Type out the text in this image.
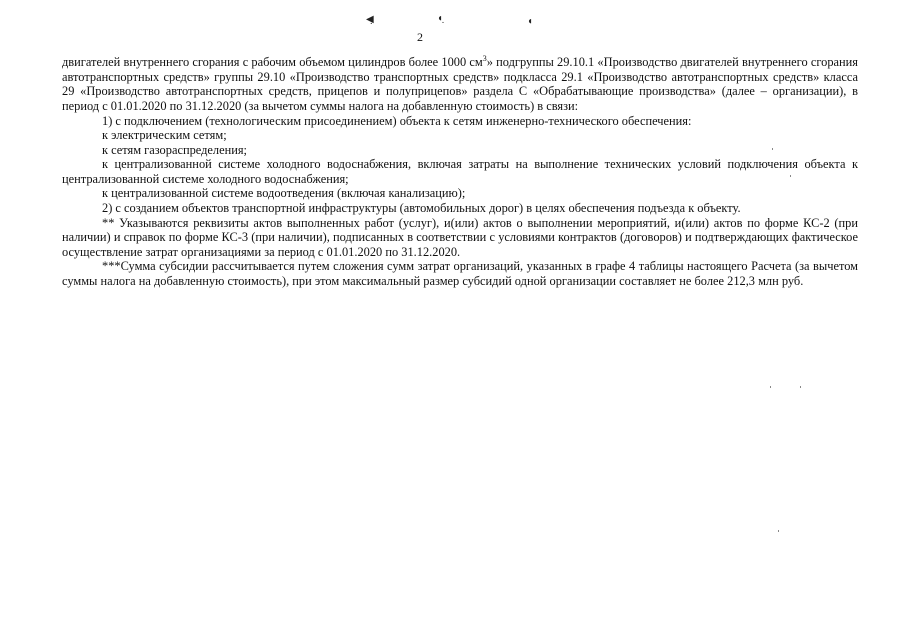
◀̣	◖̣	◖
2

двигателей внутреннего сгорания с рабочим объемом цилиндров более 1000 $см^3$» подгруппы 29.10.1 «Производство двигателей внутреннего сгорания автотранспортных средств» группы 29.10 «Производство транспортных средств» подкласса 29.1 «Производство автотранспортных средств» класса 29 «Производство автотранспортных средств, прицепов и полуприцепов» раздела С «Обрабатывающие производства» (далее – организации), в период с 01.01.2020 по 31.12.2020 (за вычетом суммы налога на добавленную стоимость) в связи:

1) с подключением (технологическим присоединением) объекта к сетям инженерно-технического обеспечения:

к электрическим сетям;

к сетям газораспределения;

к централизованной системе холодного водоснабжения, включая затраты на выполнение технических условий подключения объекта к централизованной системе холодного водоснабжения;

к централизованной системе водоотведения (включая канализацию);

2) с созданием объектов транспортной инфраструктуры (автомобильных дорог) в целях обеспечения подъезда к объекту.

** Указываются реквизиты актов выполненных работ (услуг), и(или) актов о выполнении мероприятий, и(или) актов по форме КС-2 (при наличии) и справок по форме КС-3 (при наличии), подписанных в соответствии с условиями контрактов (договоров) и подтверждающих фактическое осуществление затрат организациями за период с 01.01.2020 по 31.12.2020.

***Сумма субсидии рассчитывается путем сложения сумм затрат организаций, указанных в графе 4 таблицы настоящего Расчета (за вычетом суммы налога на добавленную стоимость), при этом максимальный размер субсидий одной организации составляет не более 212,3 млн руб.
